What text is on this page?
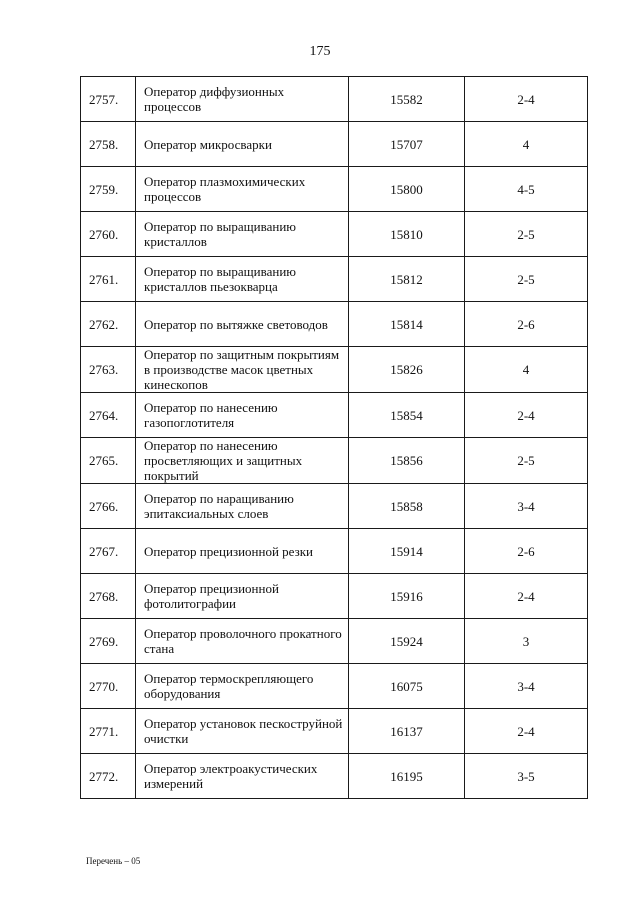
175
2757.	Оператор диффузионных процессов	15582	2-4
2758.	Оператор микросварки	15707	4
2759.	Оператор плазмохимических процессов	15800	4-5
2760.	Оператор по выращиванию кристаллов	15810	2-5
2761.	Оператор по выращиванию кристаллов пьезокварца	15812	2-5
2762.	Оператор по вытяжке световодов	15814	2-6
2763.	Оператор по защитным покрытиям в производстве масок цветных кинескопов	15826	4
2764.	Оператор по нанесению газопоглотителя	15854	2-4
2765.	Оператор по нанесению просветляющих и защитных покрытий	15856	2-5
2766.	Оператор по наращиванию эпитаксиальных слоев	15858	3-4
2767.	Оператор прецизионной резки	15914	2-6
2768.	Оператор прецизионной фотолитографии	15916	2-4
2769.	Оператор проволочного прокатного стана	15924	3
2770.	Оператор термоскрепляющего оборудования	16075	3-4
2771.	Оператор установок пескоструйной очистки	16137	2-4
2772.	Оператор электроакустических измерений	16195	3-5
Перечень – 05
